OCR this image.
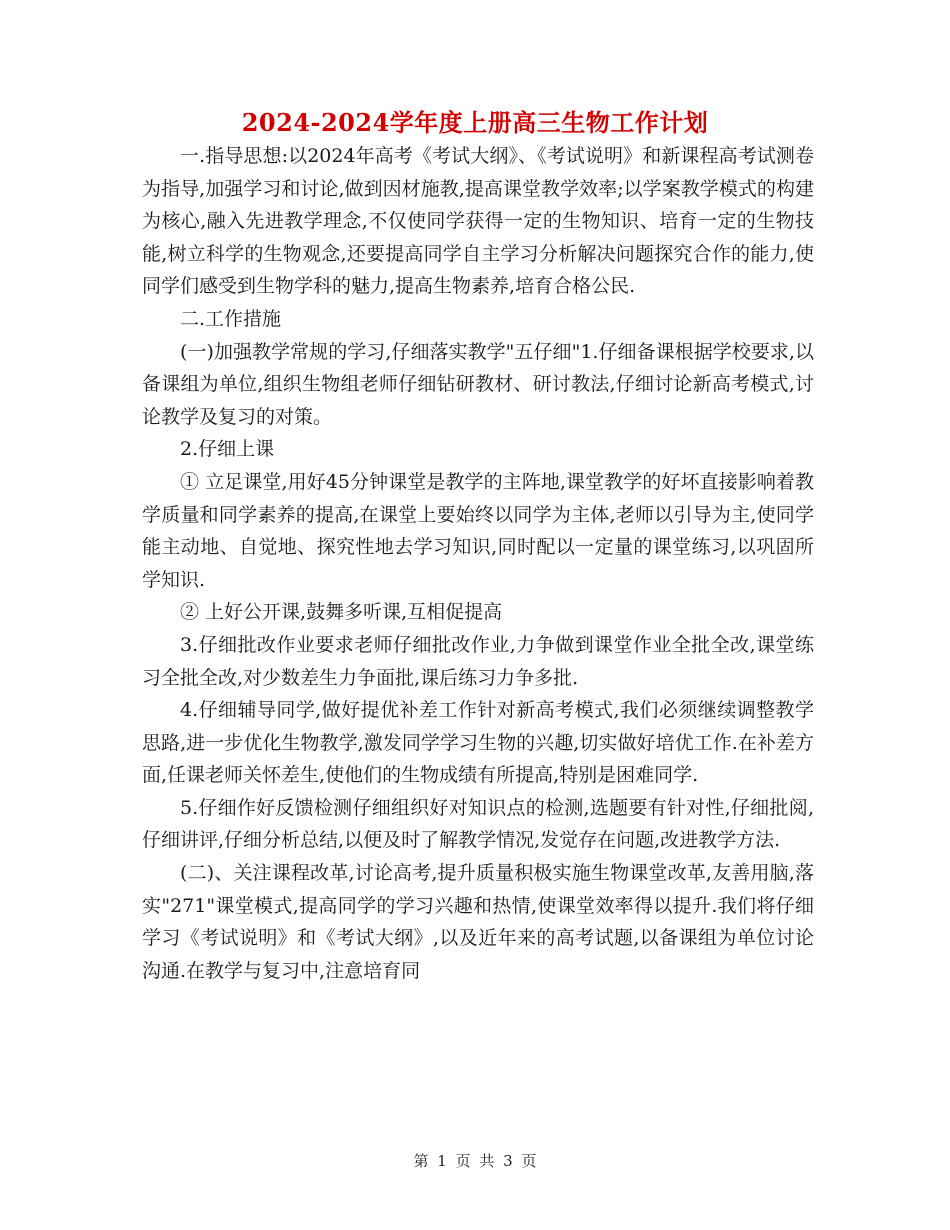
2024-2024学年度上册高三生物工作计划

一.指导思想:以2024年高考《考试大纲》、《考试说明》和新课程高考试测卷为指导,加强学习和讨论,做到因材施教,提高课堂教学效率;以学案教学模式的构建为核心,融入先进教学理念,不仅使同学获得一定的生物知识、培育一定的生物技能,树立科学的生物观念,还要提高同学自主学习分析解决问题探究合作的能力,使同学们感受到生物学科的魅力,提高生物素养,培育合格公民.

二.工作措施

(一)加强教学常规的学习,仔细落实教学"五仔细"1.仔细备课根据学校要求,以备课组为单位,组织生物组老师仔细钻研教材、研讨教法,仔细讨论新高考模式,讨论教学及复习的对策。

2.仔细上课

① 立足课堂,用好45分钟课堂是教学的主阵地,课堂教学的好坏直接影响着教学质量和同学素养的提高,在课堂上要始终以同学为主体,老师以引导为主,使同学能主动地、自觉地、探究性地去学习知识,同时配以一定量的课堂练习,以巩固所学知识.

② 上好公开课,鼓舞多听课,互相促提高

3.仔细批改作业要求老师仔细批改作业,力争做到课堂作业全批全改,课堂练习全批全改,对少数差生力争面批,课后练习力争多批.

4.仔细辅导同学,做好提优补差工作针对新高考模式,我们必须继续调整教学思路,进一步优化生物教学,激发同学学习生物的兴趣,切实做好培优工作.在补差方面,任课老师关怀差生,使他们的生物成绩有所提高,特别是困难同学.

5.仔细作好反馈检测仔细组织好对知识点的检测,选题要有针对性,仔细批阅,仔细讲评,仔细分析总结,以便及时了解教学情况,发觉存在问题,改进教学方法.

(二)、关注课程改革,讨论高考,提升质量积极实施生物课堂改革,友善用脑,落实"271"课堂模式,提高同学的学习兴趣和热情,使课堂效率得以提升.我们将仔细学习《考试说明》和《考试大纲》,以及近年来的高考试题,以备课组为单位讨论沟通.在教学与复习中,注意培育同

第 1 页 共 3 页
